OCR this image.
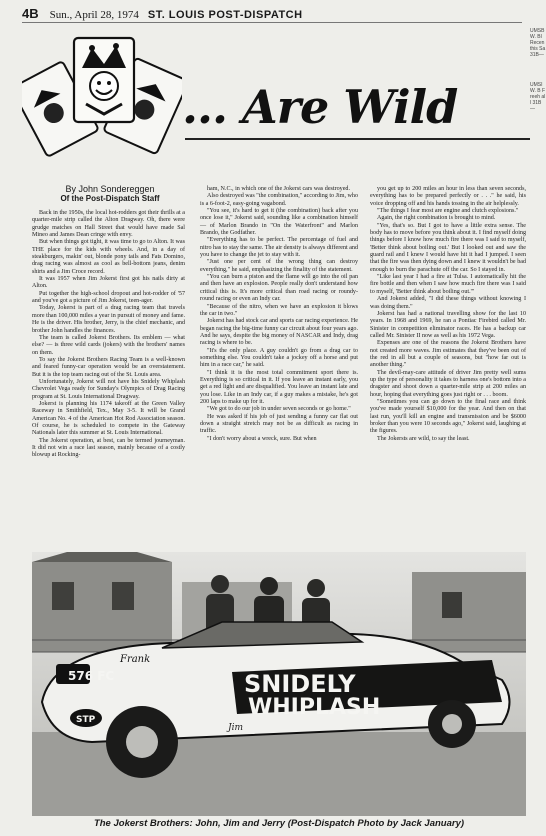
4B Sun., April 28, 1974 ST. LOUIS POST-DISPATCH
UMSB W. BI Recen this Sa 31B—
UMSI W. B Freeh all 31B—
... Are Wild
By John Sondereggen
Of the Post-Dispatch Staff

Back in the 1950s, the local hot-rodders got their thrills at a quarter-mile strip called the Alton Dragway. Oh, there were grudge matches on Hall Street that would have made Sal Mineo and James Dean cringe with envy.

But when things got tight, it was time to go to Alton. It was THE place for the kids with wheels. And, in a day of steakburgers, makin' out, blonde pony tails and Fats Domino, drag racing was almost as cool as bell-bottom jeans, denim shirts and a Jim Croce record.

It was 1957 when Jim Jokerst first got his nails dirty at Alton.

Put together the high-school dropout and hot-rodder of '57 and you've got a picture of Jim Jokerst, teen-ager.

Today, Jokerst is part of a drag racing team that travels more than 100,000 miles a year in pursuit of money and fame. He is the driver. His brother, Jerry, is the chief mechanic, and brother John handles the finances.

The team is called Jokerst Brothers. Its emblem — what else? — is three wild cards (jokers) with the brothers' names on them.

To say the Jokerst Brothers Racing Team is a well-known and feared funny-car operation would be an overstatement. But it is the top team racing out of the St. Louis area.

Unfortunately, Jokerst will not have his Snidely Whiplash Chevrolet Vega ready for Sunday's Olympics of Drag Racing program at St. Louis International Dragway.

Jokerst is planning his 1174 takeoff at the Green Valley Raceway in Smithfield, Tex., May 3-5. It will be Grand American No. 4 of the American Hot Rod Association season. Of course, he is scheduled to compete in the Gateway Nationals later this summer at St. Louis International.

The Jokerst operation, at best, can be termed journeyman. It did not win a race last season, mainly because of a costly blowup at Rocking-

ham, N.C., in which one of the Jokerst cars was destroyed.

Also destroyed was "the combination," according to Jim, who is a 6-foot-2, easy-going vagabond.

"You see, it's hard to get it (the combination) back after you once lose it," Jokerst said, sounding like a combination himself — of Marlon Brando in "On the Waterfront" and Marlon Brando, the Godfather.

"Everything has to be perfect. The percentage of fuel and nitro has to stay the same. The air density is always different and you have to change the jet to stay with it.

"Just one per cent of the wrong thing can destroy everything," he said, emphasizing the finality of the statement.

"You can burn a piston and the flame will go into the oil pan and then have an explosion. People really don't understand how critical this is. It's more critical than road racing or roundy-round racing or even an Indy car.

"Because of the nitro, when we have an explosion it blows the car in two."

Jokerst has had stock car and sports car racing experience. He began racing the big-time funny car circuit about four years ago. And he says, despite the big money of NASCAR and Indy, drag racing is where to be.

"It's the only place. A guy couldn't go from a drag car to something else. You couldn't take a jockey off a horse and put him in a race car," he said.

"I think it is the most total commitment sport there is. Everything is so critical in it. If you leave an instant early, you get a red light and are disqualified. You leave an instant late and you lose. Like in an Indy car, if a guy makes a mistake, he's got 200 laps to make up for it.

"We got to do our job in under seven seconds or go home."

He was asked if his job of just sending a funny car flat out down a straight stretch may not be as difficult as racing in traffic.

"I don't worry about a wreck, sure. But when

you get up to 200 miles an hour in less than seven seconds, everything has to be prepared perfectly or . . ." he said, his voice dropping off and his hands tossing in the air helplessly.

"The things I fear most are engine and clutch explosions."

Again, the right combination is brought to mind.

"Yes, that's so. But I got to have a little extra sense. The body has to move before you think about it. I find myself doing things before I know how much fire there was I said to myself, 'Better think about boiling out.' But I looked out and saw the guard rail and I knew I would have hit it had I jumped. I seen that the fire was then dying down and I knew it wouldn't be bad enough to burn the parachute off the car. So I stayed in.

"Like last year I had a fire at Tulsa. I automatically hit the fire bottle and then when I saw how much fire there was I said to myself, 'Better think about boiling out.'"

And Jokerst added, "I did these things without knowing I was doing them."

Jokerst has had a national travelling show for the last 10 years. In 1968 and 1969, he ran a Pontiac Firebird called Mr. Sinister in competition eliminator races. He has a backup car called Mr. Sinister II now as well as his 1972 Vega.

Expenses are one of the reasons the Jokerst Brothers have not created more waves. Jim estimates that they've been out of the red in all but a couple of seasons, but "how far out is another thing."

The devil-may-care attitude of driver Jim pretty well sums up the type of personality it takes to harness one's bottom into a dragster and shoot down a quarter-mile strip at 200 miles an hour, hoping that everything goes just right or . . . boom.

"Sometimes you can go down to the final race and think you've made yourself $10,000 for the year. And then on that last run, you'll kill an engine and transmission and be $6000 broker than you were 10 seconds ago," Jokerst said, laughing at the figures.

The Jokersts are wild, to say the least.

SNIDELY
WHIPLASH
576 FC
STP
Frank
Jim
The Jokerst Brothers: John, Jim and Jerry (Post-Dispatch Photo by Jack January)
